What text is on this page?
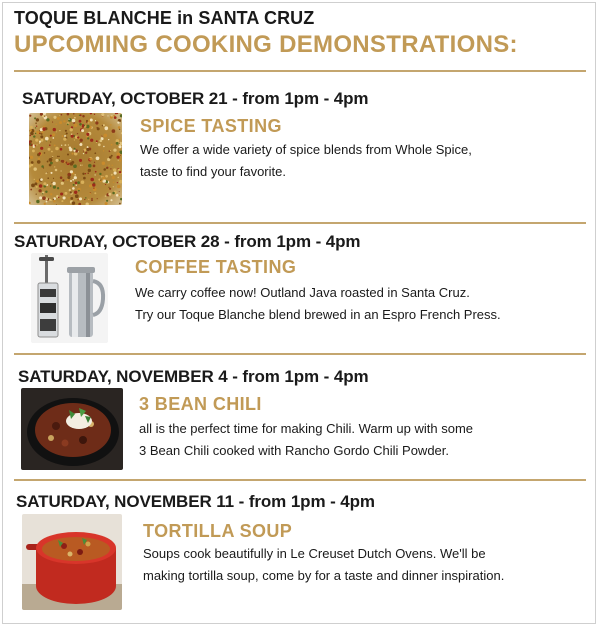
TOQUE BLANCHE in SANTA CRUZ
UPCOMING COOKING DEMONSTRATIONS:
SATURDAY, OCTOBER 21 - from 1pm - 4pm
SPICE TASTING
We offer a wide variety of spice blends from Whole Spice,
taste to find your favorite.
SATURDAY, OCTOBER 28 - from 1pm - 4pm
COFFEE TASTING
We carry coffee now! Outland Java roasted in Santa Cruz.
Try our Toque Blanche blend brewed in an Espro French Press.
SATURDAY, NOVEMBER 4 - from 1pm - 4pm
3 BEAN CHILI
all is the perfect time for making Chili. Warm up with some
3 Bean Chili cooked with Rancho Gordo Chili Powder.
SATURDAY, NOVEMBER 11 - from 1pm - 4pm
TORTILLA SOUP
Soups cook beautifully in Le Creuset Dutch Ovens. We'll be
making tortilla soup, come by for a taste and dinner inspiration.
